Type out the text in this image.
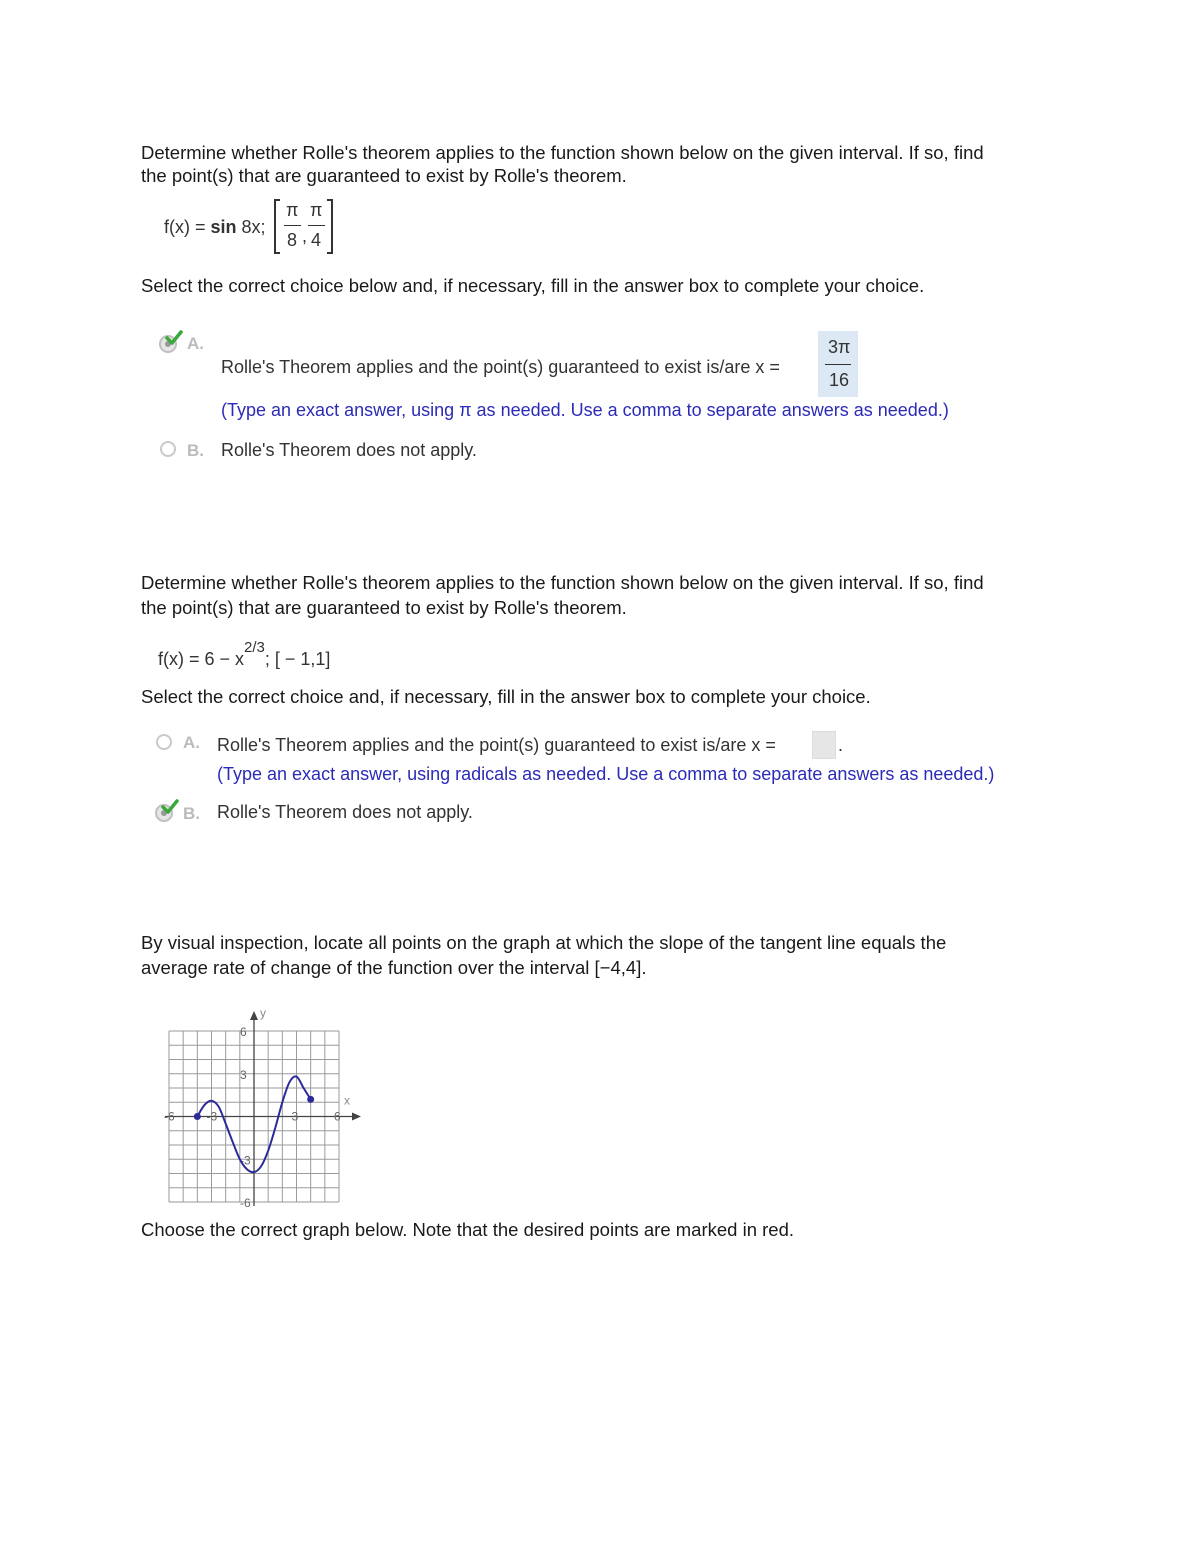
Determine whether Rolle's theorem applies to the function shown below on the given interval. If so, find
the point(s) that are guaranteed to exist by Rolle's theorem.
f(x) = sin 8x;
π
8 ,
π
4
Select the correct choice below and, if necessary, fill in the answer box to complete your choice.
A.
Rolle's Theorem applies and the point(s) guaranteed to exist is/are x =
3π
16
(Type an exact answer, using π as needed. Use a comma to separate answers as needed.)
B. Rolle's Theorem does not apply.
Determine whether Rolle's theorem applies to the function shown below on the given interval. If so, find
the point(s) that are guaranteed to exist by Rolle's theorem.
$f(x) = 6 - x^{2/3}$; [ − 1,1]
Select the correct choice and, if necessary, fill in the answer box to complete your choice.
A. Rolle's Theorem applies and the point(s) guaranteed to exist is/are x =	.
(Type an exact answer, using radicals as needed. Use a comma to separate answers as needed.)
B. Rolle's Theorem does not apply.
By visual inspection, locate all points on the graph at which the slope of the tangent line equals the
average rate of change of the function over the interval [−4,4].
-6	-3	3	6
6
3
-3
-6
x
y
Choose the correct graph below. Note that the desired points are marked in red.
